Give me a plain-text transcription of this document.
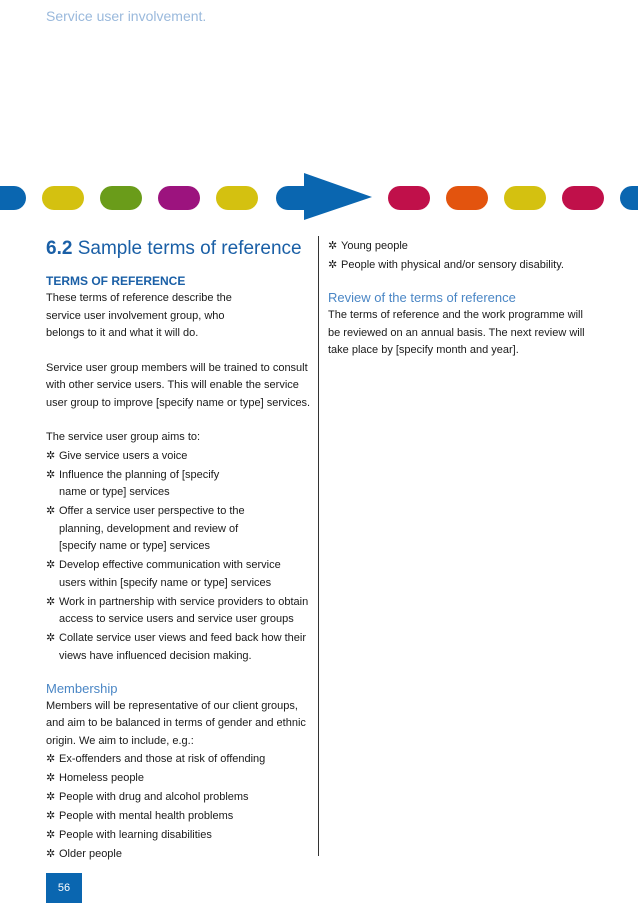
Service user involvement.
6.2 Sample terms of reference
TERMS OF REFERENCE

These terms of reference describe the service user involvement group, who belongs to it and what it will do.

Service user group members will be trained to consult with other service users. This will enable the service user group to improve [specify name or type] services.

The service user group aims to:

✲ Give service users a voice
✲ Influence the planning of [specify name or type] services
✲ Offer a service user perspective to the planning, development and review of [specify name or type] services
✲ Develop effective communication with service users within [specify name or type] services
✲ Work in partnership with service providers to obtain access to service users and service user groups
✲ Collate service user views and feed back how their views have influenced decision making.
Membership

Members will be representative of our client groups, and aim to be balanced in terms of gender and ethnic origin. We aim to include, e.g.:

✲ Ex-offenders and those at risk of offending
✲ Homeless people
✲ People with drug and alcohol problems
✲ People with mental health problems
✲ People with learning disabilities
✲ Older people
✲ Young people
✲ People with physical and/or sensory disability.
Review of the terms of reference

The terms of reference and the work programme will be reviewed on an annual basis. The next review will take place by [specify month and year].

56
